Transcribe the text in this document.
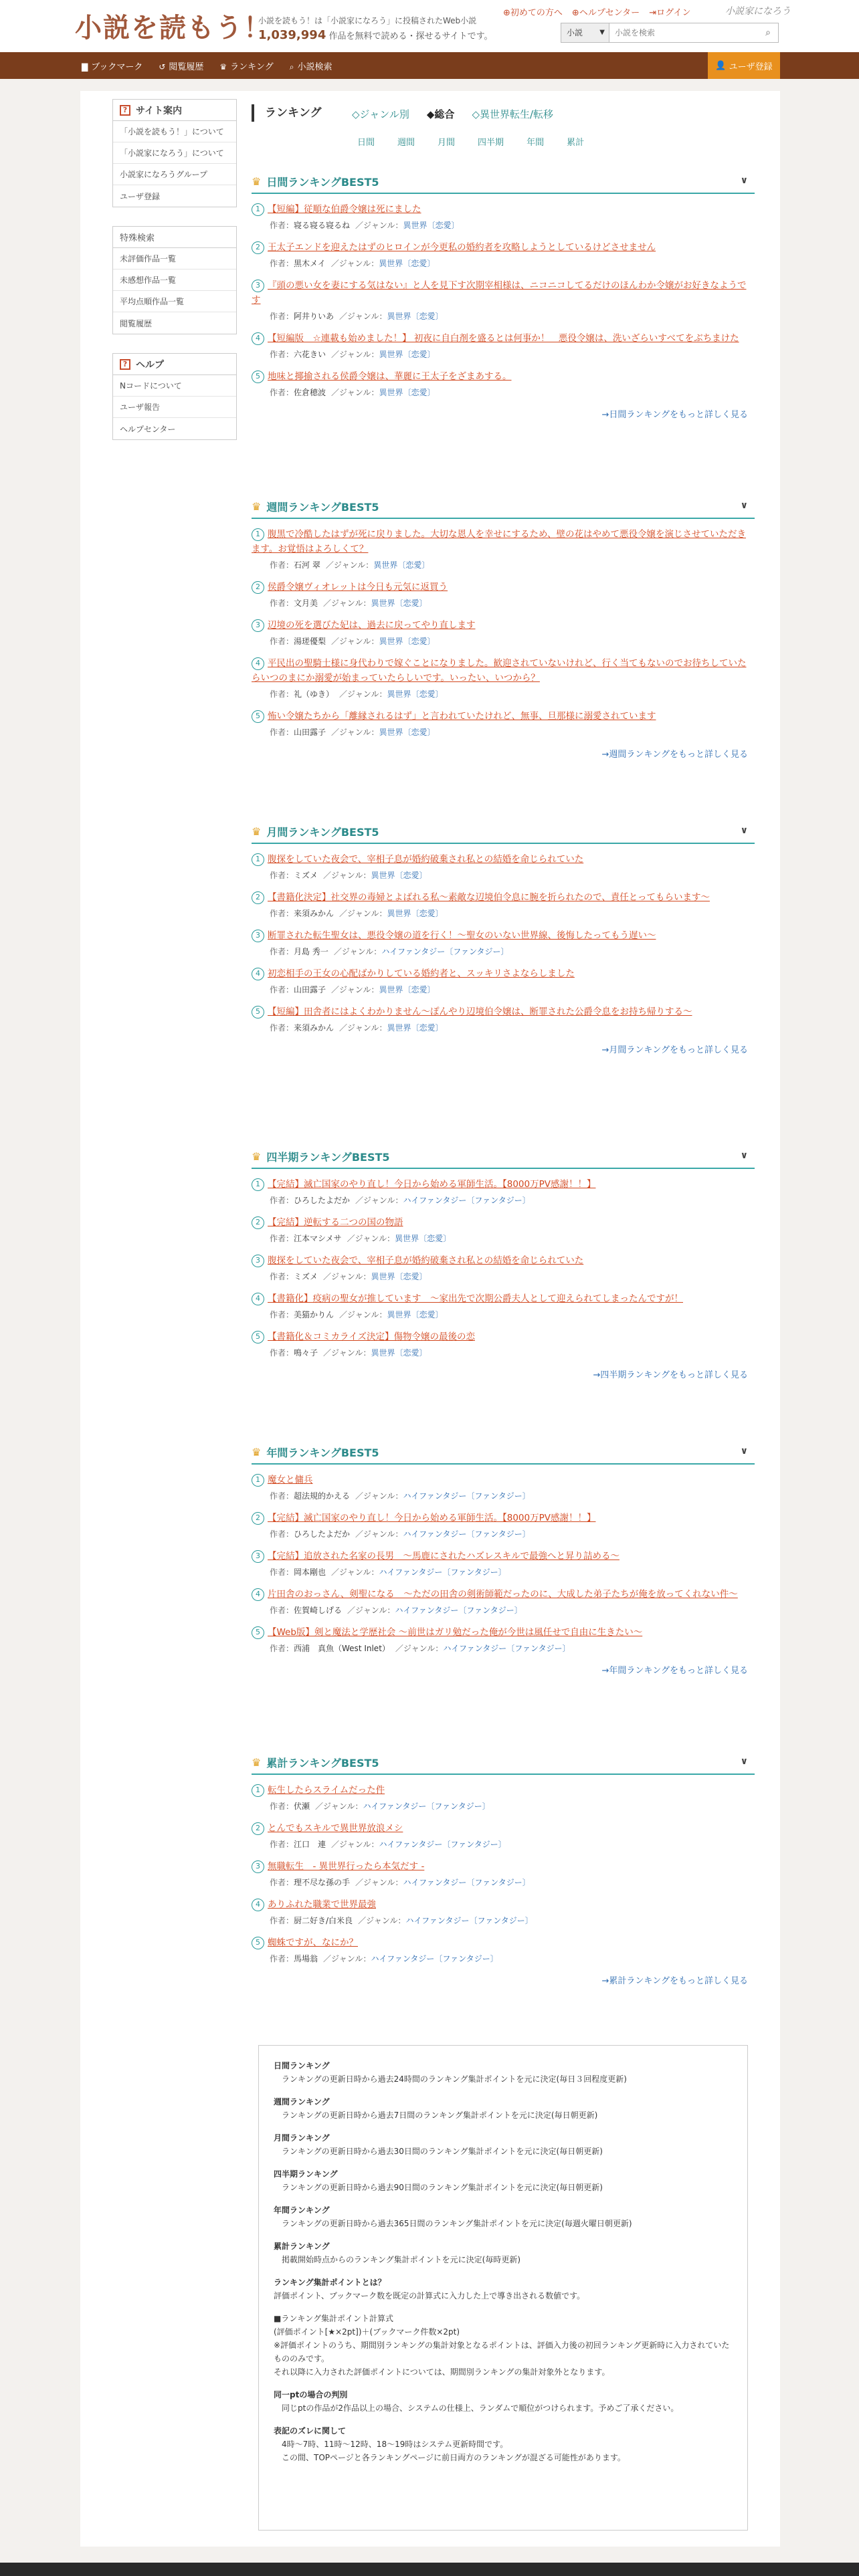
小説を読もう！
小説を読もう！は「小説家になろう」に投稿されたWeb小説
1,039,994 作品を無料で読める・探せるサイトです。
⊕初めての方へ ⊕ヘルプセンター ⇥ログイン	小説家になろう
小説	▼
小説を検索	⌕
▇ ブックマーク ↺ 閲覧履歴 ♛ ランキング ⌕ 小説検索	👤
ユーザ登録
? サイト案内
「小説を読もう！」について
「小説家になろう」について
小説家になろうグループ
ユーザ登録
特殊検索
未評価作品一覧
未感想作品一覧
平均点順作品一覧
閲覧履歴
? ヘルプ
Nコードについて
ユーザ報告
ヘルプセンター
ランキング	◇ジャンル別 ◆総合 ◇異世界転生/転移
日間	週間	月間	四半期	年間	累計
♛ 日間ランキングBEST5	∨
1 【短編】従順な伯爵令嬢は死にました
作者：寝る寝る寝るね ／ジャンル：異世界〔恋愛〕
2 王太子エンドを迎えたはずのヒロインが今更私の婚約者を攻略しようとしているけどさせません
作者：黒木メイ ／ジャンル：異世界〔恋愛〕
3 『頭の悪い女を妻にする気はない』と人を見下す次期宰相様は、ニコニコしてるだけのほんわか令嬢がお好きなようです
作者：阿井りいあ ／ジャンル：異世界〔恋愛〕
4 【短編版　☆連載も始めました！】 初夜に自白剤を盛るとは何事か！　悪役令嬢は、洗いざらいすべてをぶちまけた
作者：六花きい ／ジャンル：異世界〔恋愛〕
5 地味と揶揄される侯爵令嬢は、華麗に王太子をざまあする。
作者：佐倉穂波 ／ジャンル：異世界〔恋愛〕
→日間ランキングをもっと詳しく見る
♛ 週間ランキングBEST5	∨
1 腹黒で冷酷したはずが死に戻りました。大切な恩人を幸せにするため、壁の花はやめて悪役令嬢を演じさせていただきます。お覚悟はよろしくて？
作者：石河 翠 ／ジャンル：異世界〔恋愛〕
2 侯爵令嬢ヴィオレットは今日も元気に返買う
作者：文月美 ／ジャンル：異世界〔恋愛〕
3 辺境の死を選びた妃は、過去に戻ってやり直します
作者：湯瑳優梨 ／ジャンル：異世界〔恋愛〕
4 平民出の聖騎士様に身代わりで嫁ぐことになりました。歓迎されていないけれど、行く当てもないのでお待ちしていたらいつのまにか溺愛が始まっていたらしいです。いったい、いつから？
作者：礼（ゆき） ／ジャンル：異世界〔恋愛〕
5 怖い令嬢たちから「離縁されるはず」と言われていたけれど、無事、旦那様に溺愛されています
作者：山田露子 ／ジャンル：異世界〔恋愛〕
→週間ランキングをもっと詳しく見る
♛ 月間ランキングBEST5	∨
1 腹探をしていた夜会で、宰相子息が婚約破棄され私との結婚を命じられていた
作者：ミズメ ／ジャンル：異世界〔恋愛〕
2 【書籍化決定】社交界の毒婦とよばれる私〜素敵な辺境伯令息に腕を折られたので、責任とってもらいます〜
作者：来須みかん ／ジャンル：異世界〔恋愛〕
3 断罪された転生聖女は、悪役令嬢の道を行く！〜聖女のいない世界線、後悔したってもう遅い〜
作者：月島 秀一 ／ジャンル：ハイファンタジー〔ファンタジー〕
4 初恋相手の王女の心配ばかりしている婚約者と、スッキリさよならしました
作者：山田露子 ／ジャンル：異世界〔恋愛〕
5 【短編】田舎者にはよくわかりません〜ぽんやり辺境伯令嬢は、断罪された公爵令息をお持ち帰りする〜
作者：来須みかん ／ジャンル：異世界〔恋愛〕
→月間ランキングをもっと詳しく見る
♛ 四半期ランキングBEST5	∨
1 【完結】滅亡国家のやり直し！今日から始める軍師生活。【8000万PV感謝！！】
作者：ひろしたよだか ／ジャンル：ハイファンタジー〔ファンタジー〕
2 【完結】逆転する二つの国の物語
作者：江本マシメサ ／ジャンル：異世界〔恋愛〕
3 腹探をしていた夜会で、宰相子息が婚約破棄され私との結婚を命じられていた
作者：ミズメ ／ジャンル：異世界〔恋愛〕
4 【書籍化】疫病の聖女が推しています　〜家出先で次期公爵夫人として迎えられてしまったんですが！
作者：美猫かりん ／ジャンル：異世界〔恋愛〕
5 【書籍化＆コミカライズ決定】傷物令嬢の最後の恋
作者：鳴々子 ／ジャンル：異世界〔恋愛〕
→四半期ランキングをもっと詳しく見る
♛ 年間ランキングBEST5	∨
1 魔女と傭兵
作者：超法規的かえる ／ジャンル：ハイファンタジー〔ファンタジー〕
2 【完結】滅亡国家のやり直し！今日から始める軍師生活。【8000万PV感謝！！】
作者：ひろしたよだか ／ジャンル：ハイファンタジー〔ファンタジー〕
3 【完結】追放された名家の長男　〜馬鹿にされたハズレスキルで最強へと昇り詰める〜
作者：岡本剛也 ／ジャンル：ハイファンタジー〔ファンタジー〕
4 片田舎のおっさん、剣聖になる　〜ただの田舎の剣術師範だったのに、大成した弟子たちが俺を放ってくれない件〜
作者：佐賀崎しげる ／ジャンル：ハイファンタジー〔ファンタジー〕
5 【Web版】剣と魔法と学歴社会 〜前世はガリ勉だった俺が今世は風任せで自由に生きたい〜
作者：西浦　真魚（West Inlet） ／ジャンル：ハイファンタジー〔ファンタジー〕
→年間ランキングをもっと詳しく見る
♛ 累計ランキングBEST5	∨
1 転生したらスライムだった件
作者：伏瀬 ／ジャンル：ハイファンタジー〔ファンタジー〕
2 とんでもスキルで異世界放浪メシ
作者：江口　連 ／ジャンル：ハイファンタジー〔ファンタジー〕
3 無職転生　- 異世界行ったら本気だす -
作者：理不尽な孫の手 ／ジャンル：ハイファンタジー〔ファンタジー〕
4 ありふれた職業で世界最強
作者：厨二好き/白米良 ／ジャンル：ハイファンタジー〔ファンタジー〕
5 蜘蛛ですが、なにか？
作者：馬場翁 ／ジャンル：ハイファンタジー〔ファンタジー〕
→累計ランキングをもっと詳しく見る
日間ランキング

ランキングの更新日時から過去24時間のランキング集計ポイントを元に決定(毎日３回程度更新)

週間ランキング

ランキングの更新日時から過去7日間のランキング集計ポイントを元に決定(毎日朝更新)

月間ランキング

ランキングの更新日時から過去30日間のランキング集計ポイントを元に決定(毎日朝更新)

四半期ランキング

ランキングの更新日時から過去90日間のランキング集計ポイントを元に決定(毎日朝更新)

年間ランキング

ランキングの更新日時から過去365日間のランキング集計ポイントを元に決定(毎週火曜日朝更新)

累計ランキング

掲載開始時点からのランキング集計ポイントを元に決定(毎時更新)

ランキング集計ポイントとは？

評価ポイント、ブックマーク数を既定の計算式に入力した上で導き出される数値です。

■ランキング集計ポイント計算式

(評価ポイント[★×2pt])＋(ブックマーク件数×2pt)

※評価ポイントのうち、期間別ランキングの集計対象となるポイントは、評価入力後の初回ランキング更新時に入力されていたもののみです。

それ以降に入力された評価ポイントについては、期間別ランキングの集計対象外となります。

同一ptの場合の判別

同じptの作品が2作品以上の場合、システムの仕様上、ランダムで順位がつけられます。予めご了承ください。

表記のズレに関して

4時〜7時、11時〜12時、18〜19時はシステム更新時間です。

この間、TOPページと各ランキングページに前日両方のランキングが混ざる可能性があります。
